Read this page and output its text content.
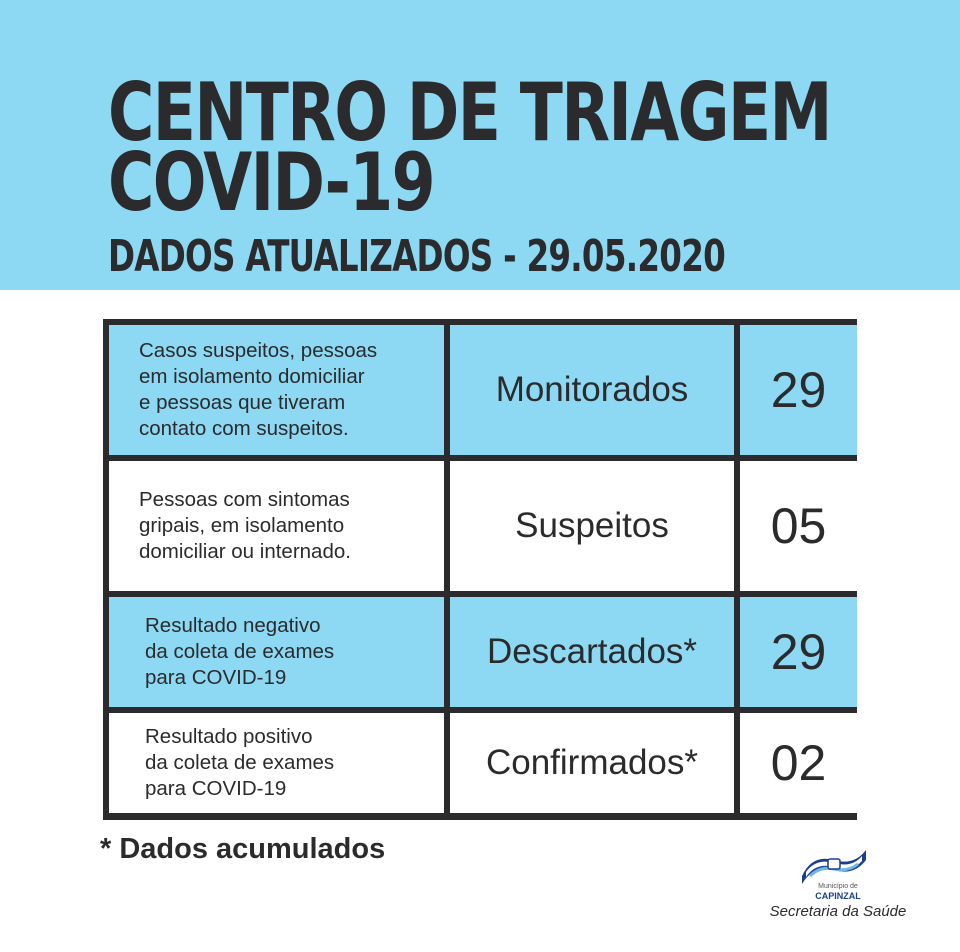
CENTRO DE TRIAGEM
COVID-19
DADOS ATUALIZADOS - 29.05.2020
Casos suspeitos, pessoas
em isolamento domiciliar
e pessoas que tiveram
contato com suspeitos.
Monitorados	29
Pessoas com sintomas
gripais, em isolamento
domiciliar ou internado.
Suspeitos	05
Resultado negativo
da coleta de exames
para COVID-19
Descartados*	29
Resultado positivo
da coleta de exames
para COVID-19
Confirmados*	02

* Dados acumulados

Município de

CAPINZAL

Secretaria da Saúde
